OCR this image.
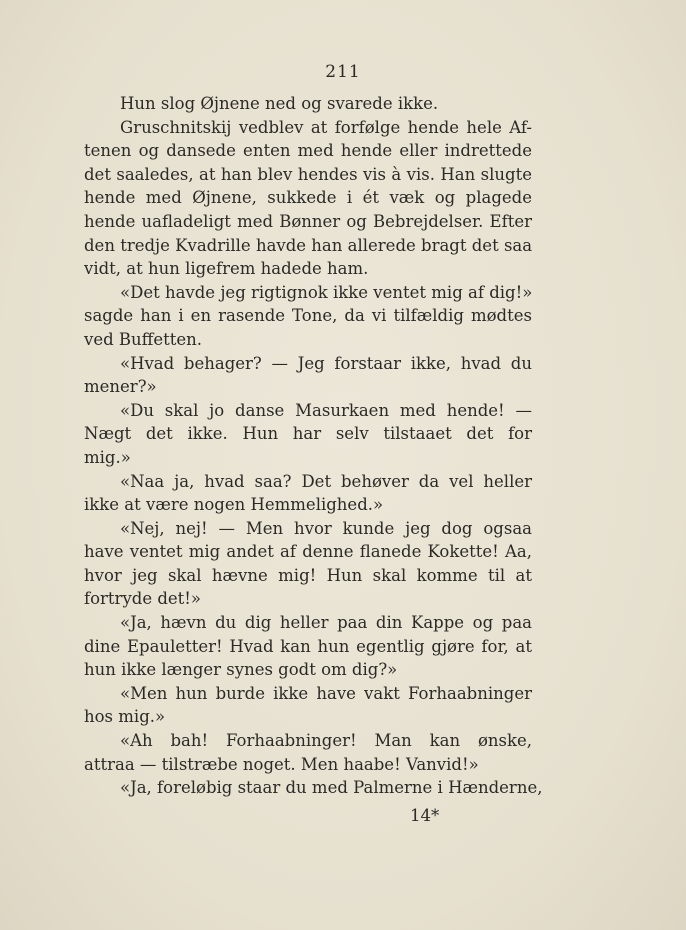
211
Hun slog Øjnene ned og svarede ikke.
Gruschnitskij vedblev at forfølge hende hele Af-
tenen og dansede enten med hende eller indrettede
det saaledes, at han blev hendes vis à vis. Han slugte
hende med Øjnene, sukkede i ét væk og plagede
hende uafladeligt med Bønner og Bebrejdelser. Efter
den tredje Kvadrille havde han allerede bragt det saa
vidt, at hun ligefrem hadede ham.
«Det havde jeg rigtignok ikke ventet mig af dig!»
sagde han i en rasende Tone, da vi tilfældig mødtes
ved Buffetten.
«Hvad behager? — Jeg forstaar ikke, hvad du
mener?»
«Du skal jo danse Masurkaen med hende! —
Nægt det ikke. Hun har selv tilstaaet det for
mig.»
«Naa ja, hvad saa? Det behøver da vel heller
ikke at være nogen Hemmelighed.»
«Nej, nej! — Men hvor kunde jeg dog ogsaa
have ventet mig andet af denne flanede Kokette! Aa,
hvor jeg skal hævne mig! Hun skal komme til at
fortryde det!»
«Ja, hævn du dig heller paa din Kappe og paa
dine Epauletter! Hvad kan hun egentlig gjøre for, at
hun ikke længer synes godt om dig?»
«Men hun burde ikke have vakt Forhaabninger
hos mig.»
«Ah bah! Forhaabninger! Man kan ønske,
attraa — tilstræbe noget. Men haabe! Vanvid!»
«Ja, foreløbig staar du med Palmerne i Hænderne,
14*
